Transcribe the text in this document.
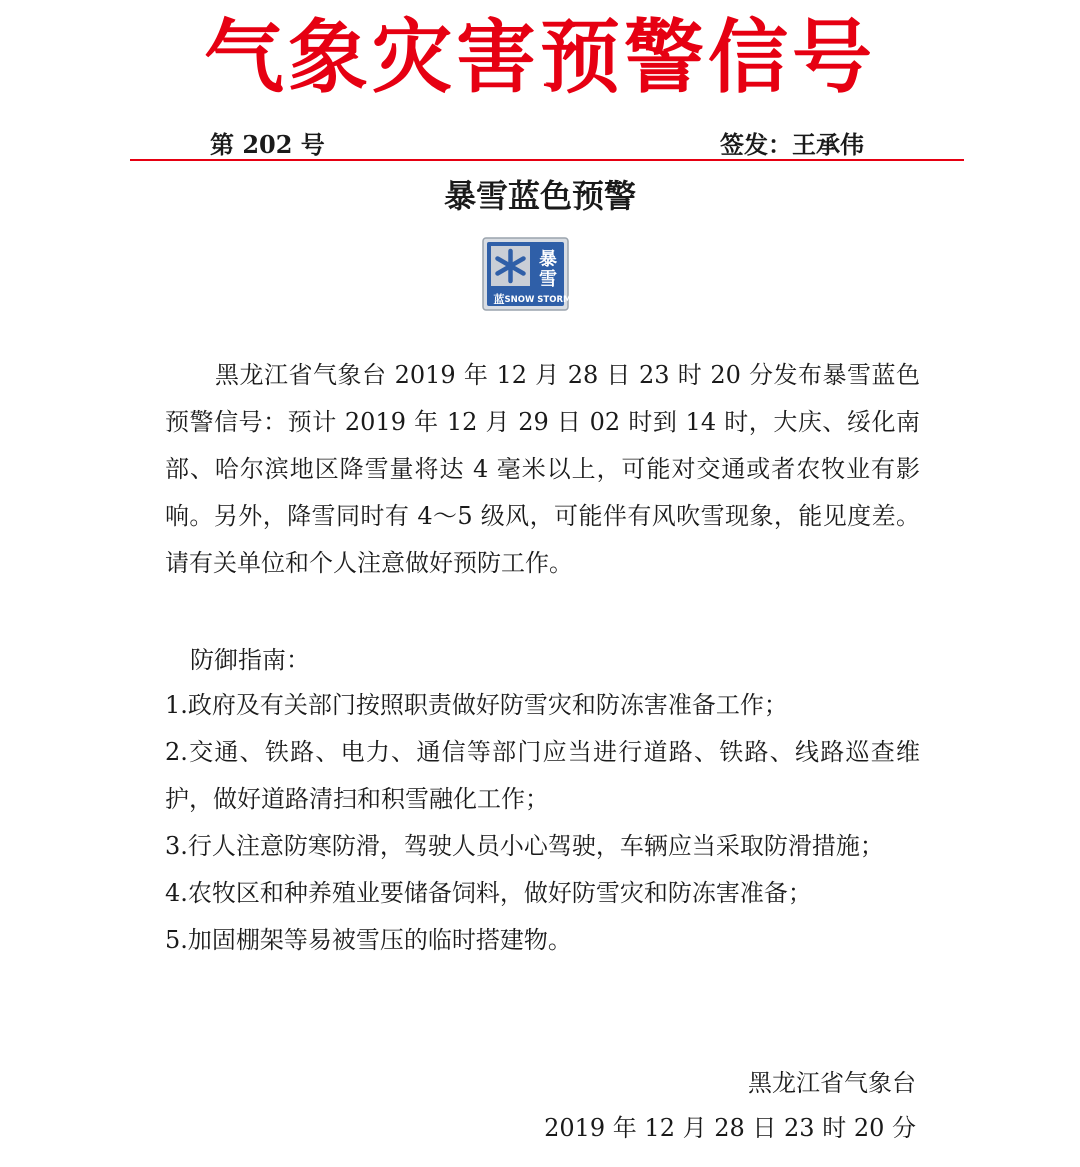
气象灾害预警信号
第 202 号	签发：王承伟
暴雪蓝色预警
暴
雪
蓝 SNOW STORM

黑龙江省气象台 2019 年 12 月 28 日 23 时 20 分发布暴雪蓝色预警信号：预计 2019 年 12 月 29 日 02 时到 14 时，大庆、绥化南部、哈尔滨地区降雪量将达 4 毫米以上，可能对交通或者农牧业有影响。另外，降雪同时有 4～5 级风，可能伴有风吹雪现象，能见度差。请有关单位和个人注意做好预防工作。

防御指南：
1.政府及有关部门按照职责做好防雪灾和防冻害准备工作；
2.交通、铁路、电力、通信等部门应当进行道路、铁路、线路巡查维护，做好道路清扫和积雪融化工作；
3.行人注意防寒防滑，驾驶人员小心驾驶，车辆应当采取防滑措施；
4.农牧区和种养殖业要储备饲料，做好防雪灾和防冻害准备；
5.加固棚架等易被雪压的临时搭建物。
黑龙江省气象台
2019 年 12 月 28 日 23 时 20 分
